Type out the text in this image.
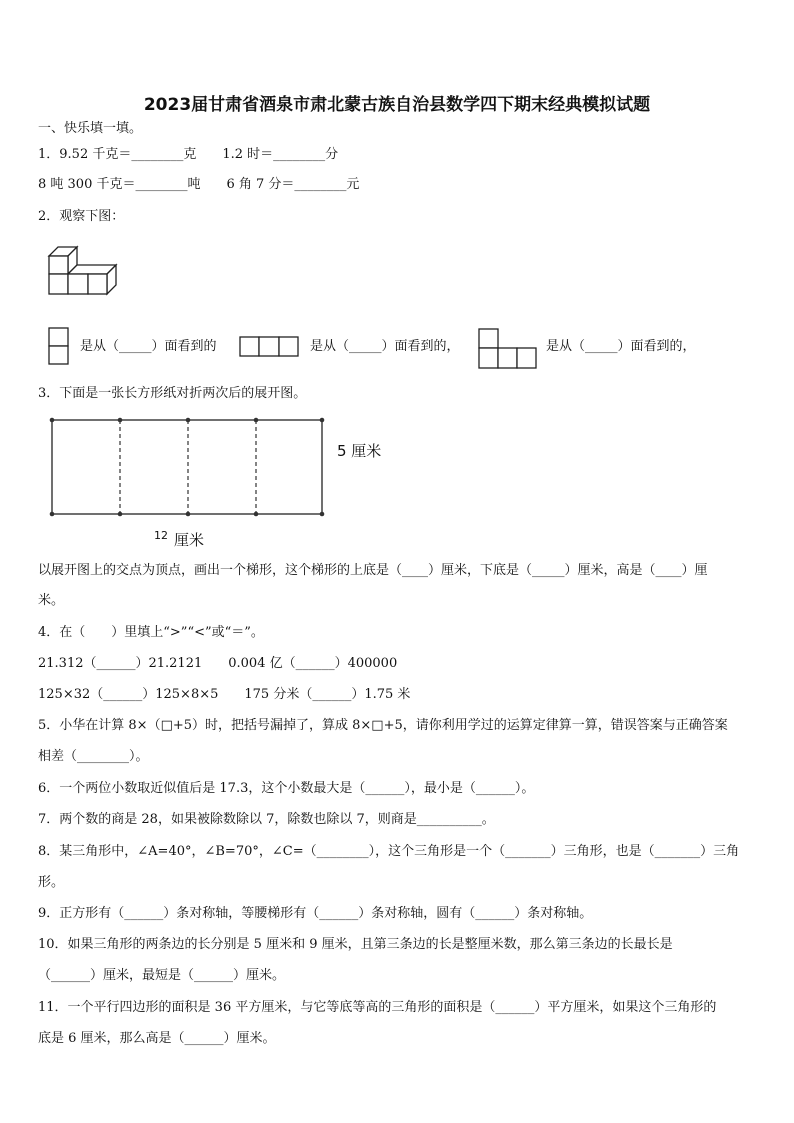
2023届甘肃省酒泉市肃北蒙古族自治县数学四下期末经典模拟试题
一、快乐填一填。
1．9.52 千克＝________克　　1.2 时＝________分
8 吨 300 千克＝________吨　　6 角 7 分＝________元
2．观察下图：
是从（_____）面看到的	是从（_____）面看到的，	是从（_____）面看到的，
3．下面是一张长方形纸对折两次后的展开图。
5 厘米
12 厘米
以展开图上的交点为顶点，画出一个梯形，这个梯形的上底是（____）厘米，下底是（_____）厘米，高是（____）厘
米。
4．在（　　）里填上“>”“<”或“＝”。
21.312（______）21.2121　　0.004 亿（______）400000
125×32（______）125×8×5　　175 分米（______）1.75 米
5．小华在计算 8×（□+5）时，把括号漏掉了，算成 8×□+5，请你利用学过的运算定律算一算，错误答案与正确答案
相差（________）。
6．一个两位小数取近似值后是 17.3，这个小数最大是（______），最小是（______）。
7．两个数的商是 28，如果被除数除以 7，除数也除以 7，则商是__________。
8．某三角形中，∠A=40°，∠B=70°，∠C=（________），这个三角形是一个（_______）三角形，也是（_______）三角
形。
9．正方形有（______）条对称轴，等腰梯形有（______）条对称轴，圆有（______）条对称轴。
10．如果三角形的两条边的长分别是 5 厘米和 9 厘米，且第三条边的长是整厘米数，那么第三条边的长最长是
（______）厘米，最短是（______）厘米。
11．一个平行四边形的面积是 36 平方厘米，与它等底等高的三角形的面积是（______）平方厘米，如果这个三角形的
底是 6 厘米，那么高是（______）厘米。
